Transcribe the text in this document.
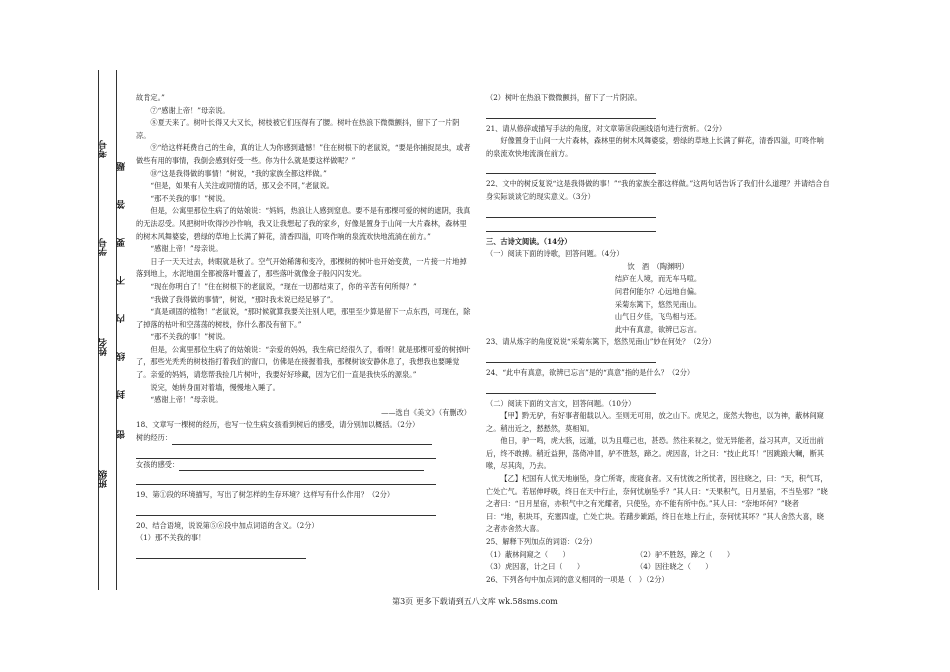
考号
学号
姓名
班级
密
封
线
内
不
要
答
题

故肯定。”

⑦“感谢上帝！”母亲说。

⑧夏天来了。树叶长得又大又长，树枝被它们压得有了腰。树叶在热浪下微微颤抖，留下了一片阴凉。

⑨“给这样耗费自己的生命，真的让人为你感到遗憾！”住在树根下的老鼠说，“要是你捕捉昆虫，或者做些有用的事情，我倒会感到好受一些。你为什么就是要这样做呢？”

⑩“这是我得做的事情！”树说，“我的家族全都这样做。”

“但是，如果有人关注或同情的话，那又会不同，”老鼠说。

“那不关我的事！”树说。

但是，公寓里那位生病了的姑娘说：“妈妈，热浪让人感到窒息。要不是有那棵可爱的树的遮阴，我真的无法忍受。风把树叶吹得沙沙作响，我又让我想起了我的家乡，好像是置身于山间一大片森林，森林里的树木风舞婆娑，碧绿的草地上长满了鲜花，清香四溢，叮咚作响的泉流欢快地流淌在前方。”

“感谢上帝！”母亲说。

日子一天天过去，转眼就是秋了。空气开始稀薄和变冷，那棵树的树叶也开始变黄，一片接一片地掉落到地上，水泥地面全都被落叶覆盖了，那些落叶就像金子般闪闪发光。

“现在你明白了！”住在树根下的老鼠说，“现在一切都结束了，你的辛苦有何所得？”

“我做了我得做的事情”，树说，“那时我未说已经足够了”。

“真是顽固的植物！”老鼠说，“那时候就算我要关注别人吧，那里至少算是留下一点东西，可现在，除了掉落的枯叶和空荡荡的树枝，你什么都没有留下。”

“那不关我的事！”树说。

但是，公寓里那位生病了的姑娘说：“亲爱的妈妈，我生病已经很久了，看呀！就是那棵可爱的树掉叶了，那些光秃秃的树枝指打着我们的窗口，仿佛是在接握着我，那棵树该安静休息了，我想我也要睡觉了。亲爱的妈妈，请您帮我捡几片树叶，我要好好珍藏，因为它们一直是我快乐的源泉。”

说完，她转身面对着墙，慢慢地入睡了。

“感谢上帝！”母亲说。

——选自《美文》（有删改）

18、文章写一棵树的经历，也写一位生病女孩看到树后的感受，请分别加以概括。（2分）

树的经历：

女孩的感受：

19、第①段的环境描写，写出了树怎样的生存环境？这样写有什么作用？（2分）

20、结合语境，说说第⑤⑥段中加点词语的含义。（2分）

（1）那不关我的事！

（2）树叶在热浪下微微颤抖，留下了一片阴凉。

21、请从修辞或描写手法的角度，对文章第⑩段画线语句进行赏析。（2分）

好像置身于山间一大片森林，森林里的树木风舞婆娑，碧绿的草地上长满了鲜花，清香四溢，叮咚作响的泉流欢快地流淌在前方。

22、文中的树反复说“这是我得做的事！”“我的家族全都这样做。”这两句话告诉了我们什么道理？并请结合自身实际谈谈它的现实意义。（3分）

三、古诗文阅读。（14分）

（一）阅读下面的诗歌，回答问题。（4分）

饮　酒　（陶渊明）

结庐在人境，而无车马喧。

问君何能尔？心远地自偏。

采菊东篱下，悠然见南山。

山气日夕佳，飞鸟相与还。

此中有真意，欲辨已忘言。

23、请从炼字的角度说说“采菊东篱下，悠然见南山”妙在何处？（2分）

24、“此中有真意，欲辨已忘言”是的“真意”指的是什么？（2分）

（二）阅读下面的文言文，回答问题。（10分）

【甲】黔无驴，有好事者船载以入。至则无可用，放之山下。虎见之，庞然大物也，以为神，蔽林间窥之。稍出近之，慭慭然，莫相知。

他日，驴一鸣，虎大骇，远遁，以为且噬己也，甚恐。然往来视之，觉无异能者，益习其声，又近出前后，终不敢搏。稍近益狎，荡倚冲冒，驴不胜怒，蹄之。虎因喜，计之曰：“技止此耳！”因跳踉大㘎，断其喉，尽其肉，乃去。

【乙】杞国有人忧天地崩坠，身亡所寄，废寝食者。又有忧彼之所忧者，因往晓之，曰：“天，积气耳，亡处亡气。若屈伸呼吸，终日在天中行止，奈何忧崩坠乎？”其人曰：“天果积气，日月星宿，不当坠邪？”晓之者曰：“日月星宿，亦积气中之有光耀者，只使坠，亦不能有所中伤。”其人曰：“奈地坏何？”晓者曰：“地，积块耳，充塞四虚，亡处亡块。若躇步跐蹈，终日在地上行止，奈何忧其坏？”其人舍然大喜，晓之者亦舍然大喜。

25、解释下列加点的词语：（2分）

（1）蔽林间窥之（　　）	（2）驴不胜怒，蹄之（　　）

（3）虎因喜，计之曰（　　）	（4）因往晓之（　　）

26、下列各句中加点词的意义相同的一项是（　）（2分）

第3页 更多下载请到五八文库 wk.58sms.com
